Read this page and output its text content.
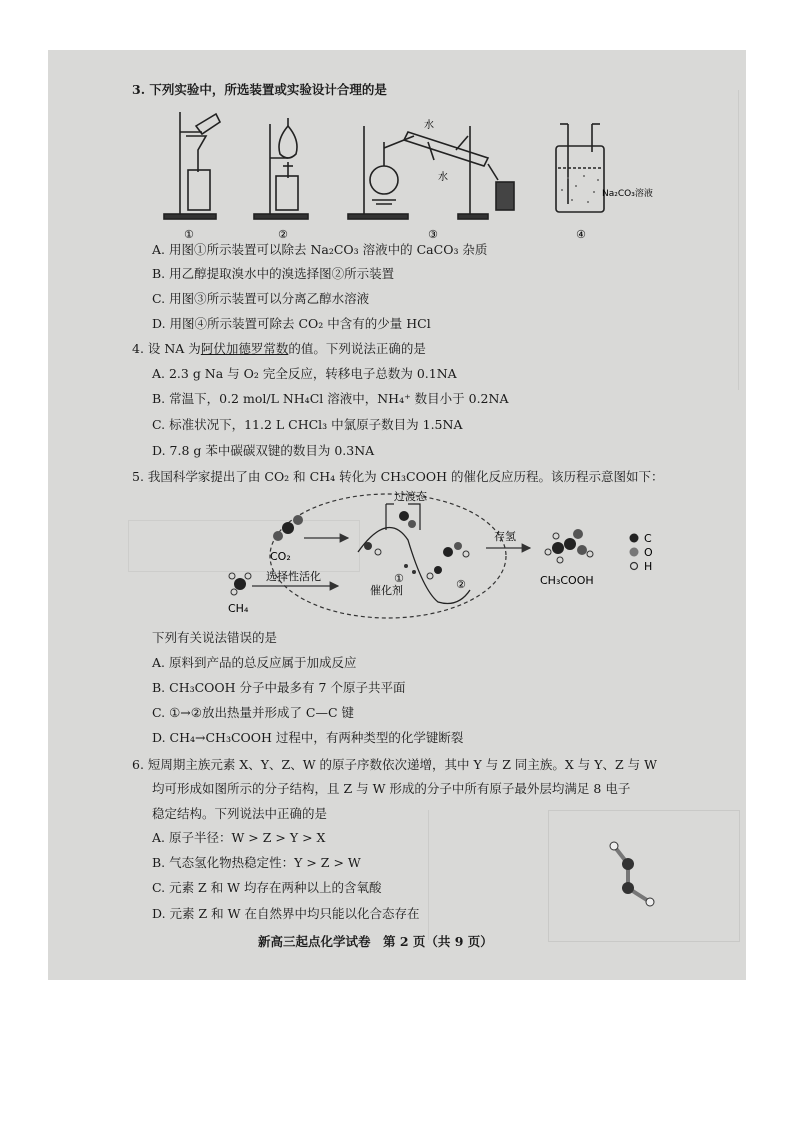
3. 下列实验中，所选装置或实验设计合理的是
水
水
Na₂CO₃溶液
①	②	③	④
A. 用图①所示装置可以除去 Na₂CO₃ 溶液中的 CaCO₃ 杂质
B. 用乙醇提取溴水中的溴选择图②所示装置
C. 用图③所示装置可以分离乙醇水溶液
D. 用图④所示装置可除去 CO₂ 中含有的少量 HCl
4. 设 NA 为阿伏加德罗常数的值。下列说法正确的是
A. 2.3 g Na 与 O₂ 完全反应，转移电子总数为 0.1NA
B. 常温下，0.2 mol/L NH₄Cl 溶液中，NH₄⁺ 数目小于 0.2NA
C. 标准状况下，11.2 L CHCl₃ 中氯原子数目为 1.5NA
D. 7.8 g 苯中碳碳双键的数目为 0.3NA
5. 我国科学家提出了由 CO₂ 和 CH₄ 转化为 CH₃COOH 的催化反应历程。该历程示意图如下：
CO₂
CH₄
过渡态
选择性活化
催化剂
①	②
存氢
CH₃COOH
C
O
H
下列有关说法错误的是
A. 原料到产品的总反应属于加成反应
B. CH₃COOH 分子中最多有 7 个原子共平面
C. ①→②放出热量并形成了 C—C 键
D. CH₄→CH₃COOH 过程中，有两种类型的化学键断裂
6. 短周期主族元素 X、Y、Z、W 的原子序数依次递增，其中 Y 与 Z 同主族。X 与 Y、Z 与 W
均可形成如图所示的分子结构，且 Z 与 W 形成的分子中所有原子最外层均满足 8 电子
稳定结构。下列说法中正确的是
A. 原子半径：W > Z > Y > X
B. 气态氢化物热稳定性：Y > Z > W
C. 元素 Z 和 W 均存在两种以上的含氧酸
D. 元素 Z 和 W 在自然界中均只能以化合态存在
新高三起点化学试卷　第 2 页（共 9 页）
